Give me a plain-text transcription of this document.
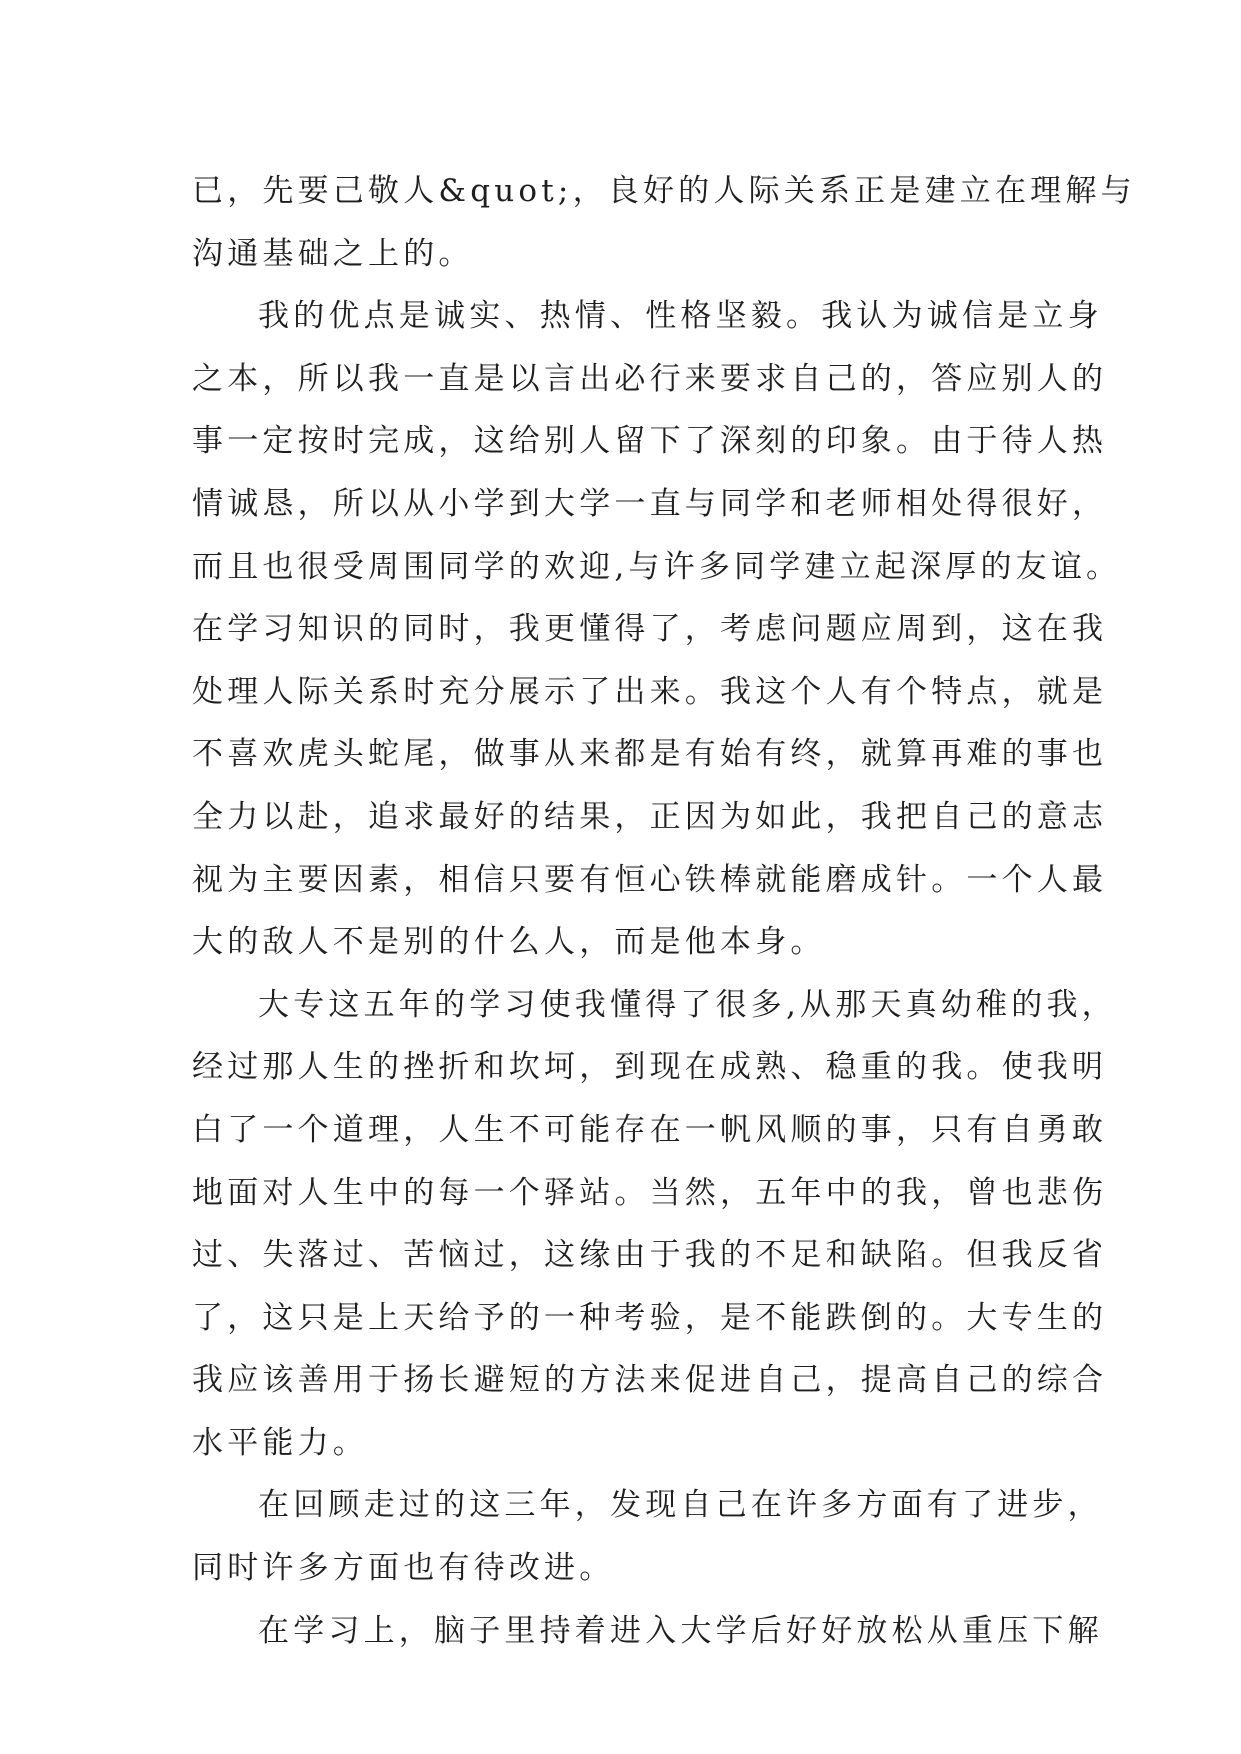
已，先要己敬人&quot;，良好的人际关系正是建立在理解与
沟通基础之上的。
我的优点是诚实、热情、性格坚毅。我认为诚信是立身
之本，所以我一直是以言出必行来要求自己的，答应别人的
事一定按时完成，这给别人留下了深刻的印象。由于待人热
情诚恳，所以从小学到大学一直与同学和老师相处得很好，
而且也很受周围同学的欢迎,与许多同学建立起深厚的友谊。
在学习知识的同时，我更懂得了，考虑问题应周到，这在我
处理人际关系时充分展示了出来。我这个人有个特点，就是
不喜欢虎头蛇尾，做事从来都是有始有终，就算再难的事也
全力以赴，追求最好的结果，正因为如此，我把自己的意志
视为主要因素，相信只要有恒心铁棒就能磨成针。一个人最
大的敌人不是别的什么人，而是他本身。
大专这五年的学习使我懂得了很多,从那天真幼稚的我，
经过那人生的挫折和坎坷，到现在成熟、稳重的我。使我明
白了一个道理，人生不可能存在一帆风顺的事，只有自勇敢
地面对人生中的每一个驿站。当然，五年中的我，曾也悲伤
过、失落过、苦恼过，这缘由于我的不足和缺陷。但我反省
了，这只是上天给予的一种考验，是不能跌倒的。大专生的
我应该善用于扬长避短的方法来促进自己，提高自己的综合
水平能力。
在回顾走过的这三年，发现自己在许多方面有了进步，
同时许多方面也有待改进。
在学习上，脑子里持着进入大学后好好放松从重压下解
